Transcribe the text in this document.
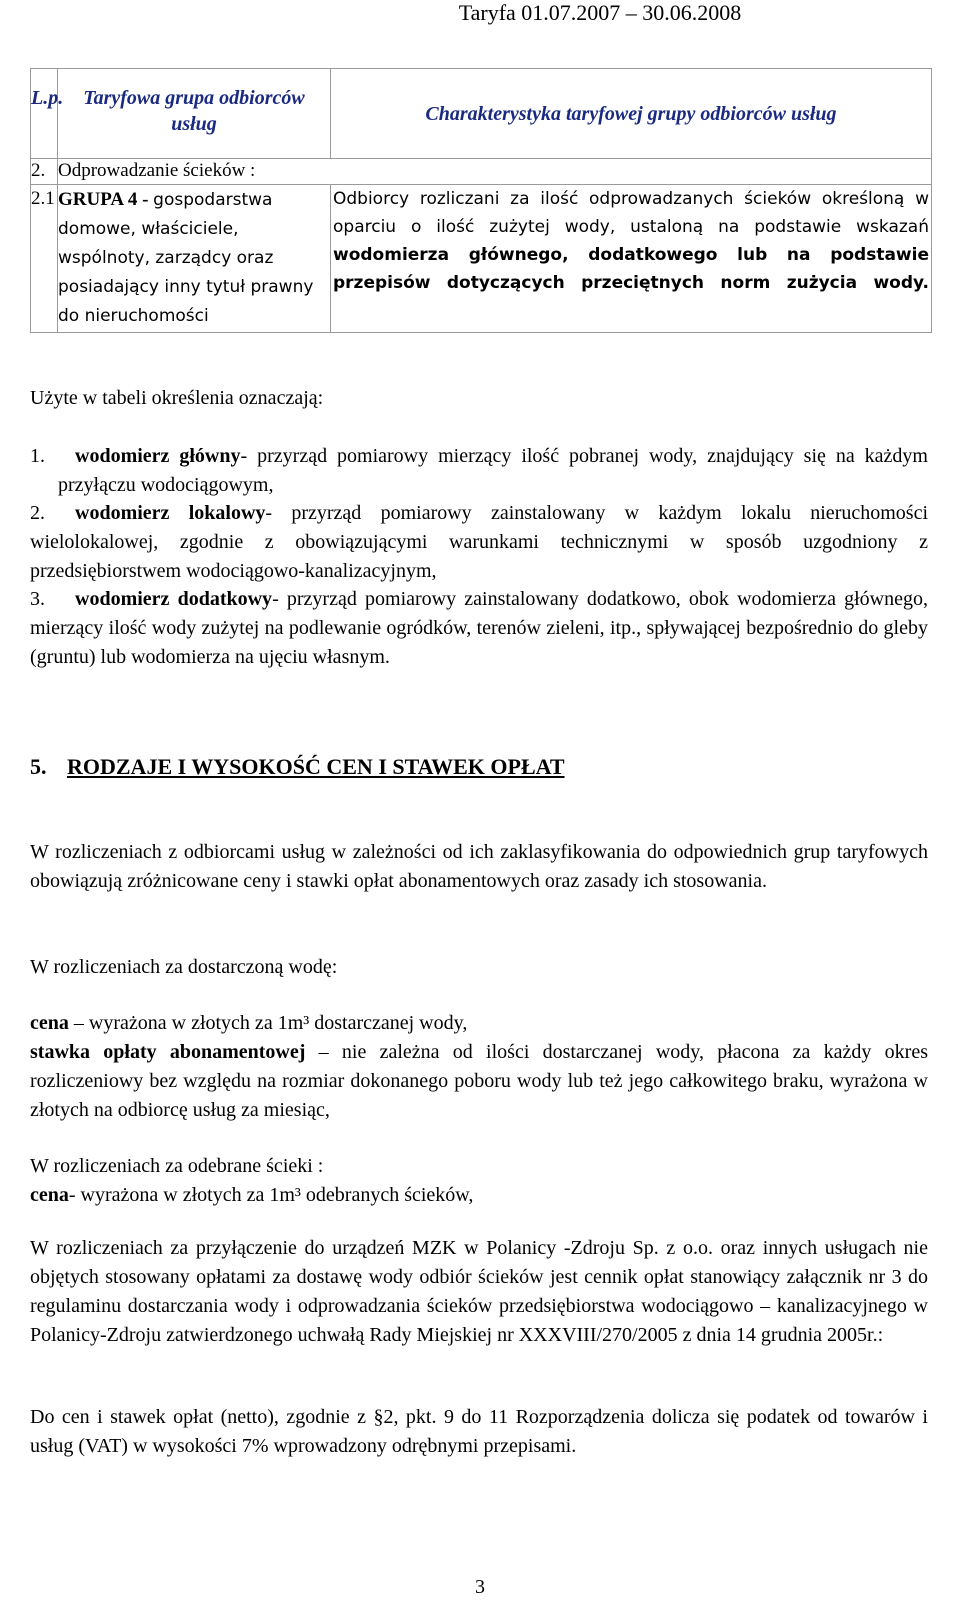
Taryfa 01.07.2007 – 30.06.2008
L.p.	Taryfowa grupa odbiorców usług	Charakterystyka taryfowej grupy odbiorców usług
2.	Odprowadzanie ścieków :	
2.1	GRUPA 4 - gospodarstwa domowe, właściciele, wspólnoty, zarządcy oraz posiadający inny tytuł prawny do nieruchomości	Odbiorcy rozliczani za ilość odprowadzanych ścieków określoną w oparciu o ilość zużytej wody, ustaloną na podstawie wskazań wodomierza głównego, dodatkowego lub na podstawie przepisów dotyczących przeciętnych norm zużycia wody.
Użyte w tabeli określenia oznaczają:
1.	wodomierz główny- przyrząd pomiarowy mierzący ilość pobranej wody, znajdujący się na każdym przyłączu wodociągowym,
2.	wodomierz lokalowy- przyrząd pomiarowy zainstalowany w każdym lokalu nieruchomości wielolokalowej, zgodnie z obowiązującymi warunkami technicznymi w sposób uzgodniony z przedsiębiorstwem wodociągowo-kanalizacyjnym,
3.	wodomierz dodatkowy- przyrząd pomiarowy zainstalowany dodatkowo, obok wodomierza głównego, mierzący ilość wody zużytej na podlewanie ogródków, terenów zieleni, itp., spływającej bezpośrednio do gleby (gruntu) lub wodomierza na ujęciu własnym.
5. RODZAJE I WYSOKOŚĆ CEN I STAWEK OPŁAT
W rozliczeniach z odbiorcami usług w zależności od ich zaklasyfikowania do odpowiednich grup taryfowych obowiązują zróżnicowane ceny i stawki opłat abonamentowych oraz zasady ich stosowania.
W rozliczeniach za dostarczoną wodę:
cena – wyrażona w złotych za 1m³ dostarczanej wody,
stawka opłaty abonamentowej – nie zależna od ilości dostarczanej wody, płacona za każdy okres rozliczeniowy bez względu na rozmiar dokonanego poboru wody lub też jego całkowitego braku, wyrażona w złotych na odbiorcę usług za miesiąc,
W rozliczeniach za odebrane ścieki :
cena- wyrażona w złotych za 1m³ odebranych ścieków,
W rozliczeniach za przyłączenie do urządzeń MZK w Polanicy -Zdroju Sp. z o.o. oraz innych usługach nie objętych stosowany opłatami za dostawę wody odbiór ścieków jest cennik opłat stanowiący załącznik nr 3 do regulaminu dostarczania wody i odprowadzania ścieków przedsiębiorstwa wodociągowo – kanalizacyjnego w Polanicy-Zdroju zatwierdzonego uchwałą Rady Miejskiej nr XXXVIII/270/2005 z dnia 14 grudnia 2005r.:
Do cen i stawek opłat (netto), zgodnie z §2, pkt. 9 do 11 Rozporządzenia dolicza się podatek od towarów i usług (VAT) w wysokości 7% wprowadzony odrębnymi przepisami.
3
